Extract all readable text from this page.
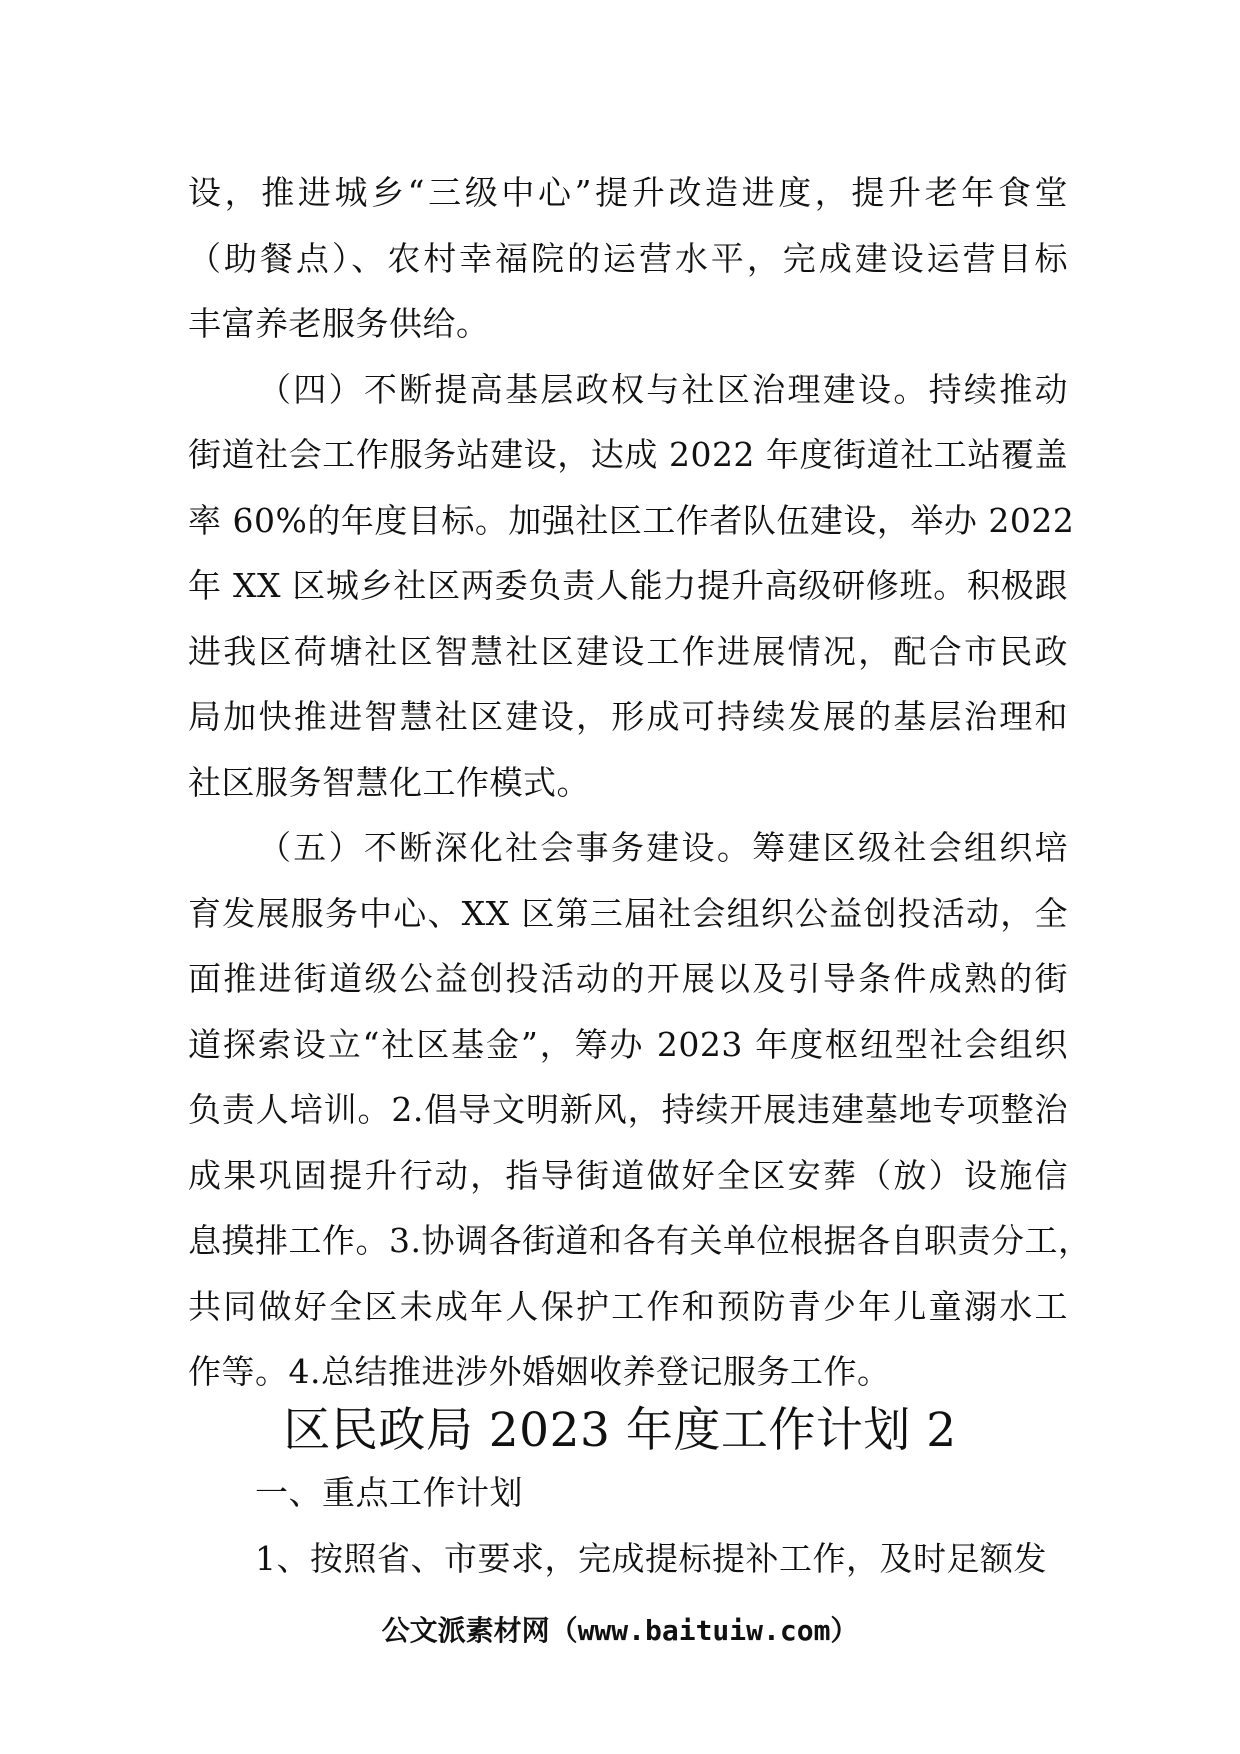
设，推进城乡“三级中心”提升改造进度，提升老年食堂
（助餐点）、农村幸福院的运营水平，完成建设运营目标
丰富养老服务供给。
（四）不断提高基层政权与社区治理建设。持续推动
街道社会工作服务站建设，达成 2022 年度街道社工站覆盖
率 60%的年度目标。加强社区工作者队伍建设，举办 2022
年 XX 区城乡社区两委负责人能力提升高级研修班。积极跟
进我区荷塘社区智慧社区建设工作进展情况，配合市民政
局加快推进智慧社区建设，形成可持续发展的基层治理和
社区服务智慧化工作模式。
（五）不断深化社会事务建设。筹建区级社会组织培
育发展服务中心、XX 区第三届社会组织公益创投活动，全
面推进街道级公益创投活动的开展以及引导条件成熟的街
道探索设立“社区基金”，筹办 2023 年度枢纽型社会组织
负责人培训。2.倡导文明新风，持续开展违建墓地专项整治
成果巩固提升行动，指导街道做好全区安葬（放）设施信
息摸排工作。3.协调各街道和各有关单位根据各自职责分工，
共同做好全区未成年人保护工作和预防青少年儿童溺水工
作等。4.总结推进涉外婚姻收养登记服务工作。
区民政局 2023 年度工作计划 2
一、重点工作计划
1、按照省、市要求，完成提标提补工作，及时足额发
公文派素材网（www.baituiw.com）
